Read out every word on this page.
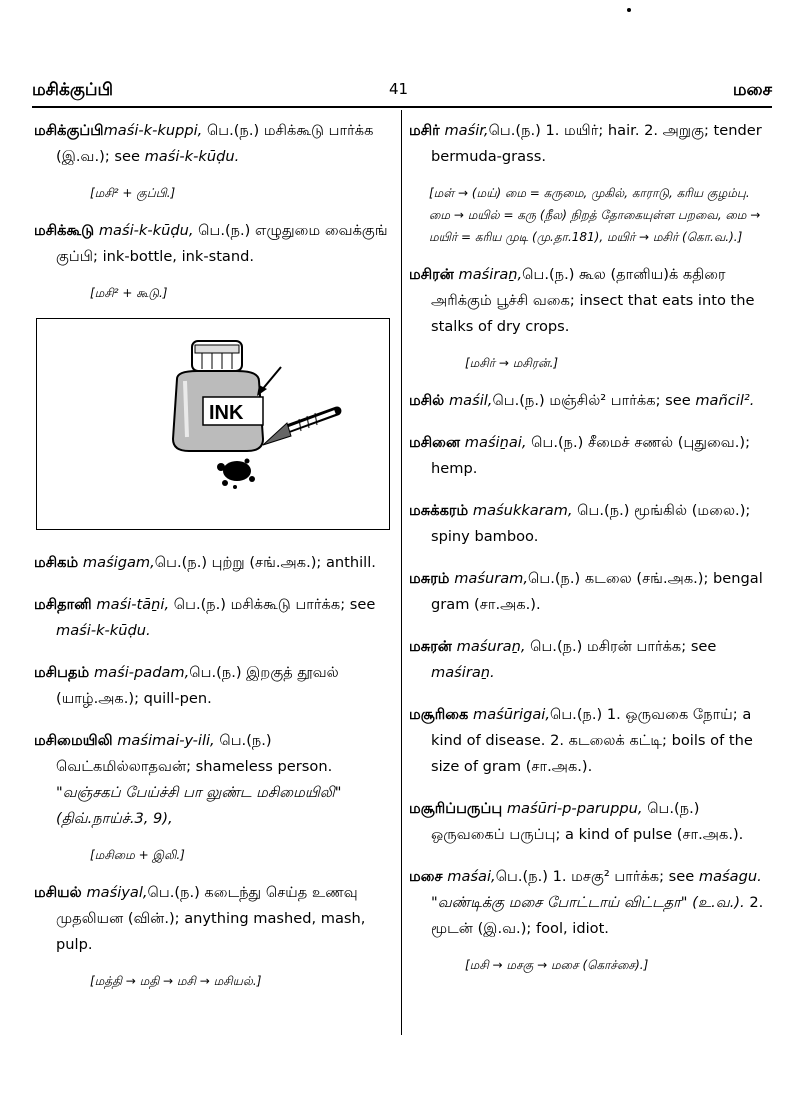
மசிக்குப்பி	41	மசை
மசிக்குப்பிmaśi-k-kuppi, பெ.(ந.) மசிக்கூடு பார்க்க (இ.வ.); see maśi-k-kūḍu.
[மசி² + குப்பி.]
மசிக்கூடு maśi-k-kūḍu, பெ.(ந.) எழுதுமை வைக்குங் குப்பி; ink-bottle, ink-stand.
[மசி² + கூடு.]
INK
மசிகம் maśigam,பெ.(ந.) புற்று (சங்.அக.); anthill.
மசிதானி maśi-tāṉi, பெ.(ந.) மசிக்கூடு பார்க்க; see maśi-k-kūḍu.
மசிபதம் maśi-padam,பெ.(ந.) இறகுத் தூவல் (யாழ்.அக.); quill-pen.
மசிமையிலி maśimai-y-ili, பெ.(ந.) வெட்கமில்லாதவன்; shameless person. "வஞ்சகப் பேய்ச்சி பா லுண்ட மசிமையிலி" (திவ்.நாய்ச்.3, 9),
[மசிமை + இலி.]
மசியல் maśiyal,பெ.(ந.) கடைந்து செய்த உணவு முதலியன (வின்.); anything mashed, mash, pulp.
[மத்தி → மதி → மசி → மசியல்.]
மசிர் maśir,பெ.(ந.) 1. மயிர்; hair. 2. அறுகு; tender bermuda-grass.
[மள் → (மய்) மை = கருமை, முகில், காராடு, கரிய குழம்பு. மை → மயில் = கரு (நீல) நிறத் தோகையுள்ள பறவை, மை → மயிர் = கரிய முடி (மு.தா.181), மயிர் → மசிர் (கொ.வ.).]
மசிரன் maśiraṉ,பெ.(ந.) கூல (தானிய)க் கதிரை அரிக்கும் பூச்சி வகை; insect that eats into the stalks of dry crops.
[மசிர் → மசிரன்.]
மசில் maśil,பெ.(ந.) மஞ்சில்² பார்க்க; see mañcil².
மசினை maśiṉai, பெ.(ந.) சீமைச் சணல் (புதுவை.); hemp.
மசுக்கரம் maśukkaram, பெ.(ந.) மூங்கில் (மலை.); spiny bamboo.
மசுரம் maśuram,பெ.(ந.) கடலை (சங்.அக.); bengal gram (சா.அக.).
மசுரன் maśuraṉ, பெ.(ந.) மசிரன் பார்க்க; see maśiraṉ.
மசூரிகை maśūrigai,பெ.(ந.) 1. ஒருவகை நோய்; a kind of disease. 2. கடலைக் கட்டி; boils of the size of gram (சா.அக.).
மசூரிப்பருப்பு maśūri-p-paruppu, பெ.(ந.) ஒருவகைப் பருப்பு; a kind of pulse (சா.அக.).
மசை maśai,பெ.(ந.) 1. மசகு² பார்க்க; see maśagu. "வண்டிக்கு மசை போட்டாய் விட்டதா" (உ.வ.). 2. மூடன் (இ.வ.); fool, idiot.
[மசி → மசகு → மசை (கொச்சை).]
